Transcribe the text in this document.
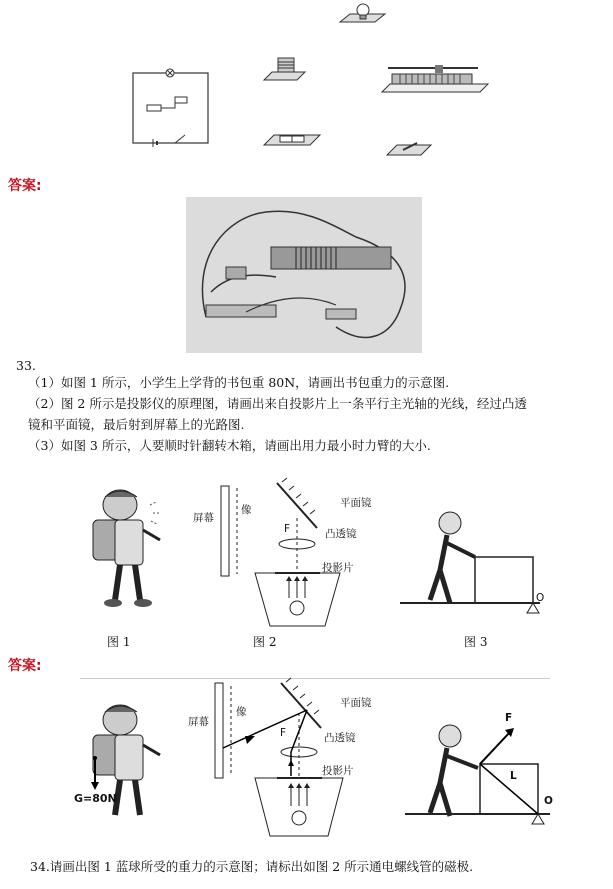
答案:
33.
（1）如图 1 所示，小学生上学背的书包重 80N，请画出书包重力的示意图.
（2）图 2 所示是投影仪的原理图，请画出来自投影片上一条平行主光轴的光线，经过凸透
镜和平面镜，最后射到屏幕上的光路图.
（3）如图 3 所示，人要顺时针翻转木箱，请画出用力最小时力臂的大小.
屏幕
像
平面镜
凸透镜
F
投影片
O
图 1	图 2	图 3
答案:
G=80N
屏幕
像
平面镜
凸透镜
F
投影片
F
L
O
34.请画出图 1 蓝球所受的重力的示意图；请标出如图 2 所示通电螺线管的磁极.
